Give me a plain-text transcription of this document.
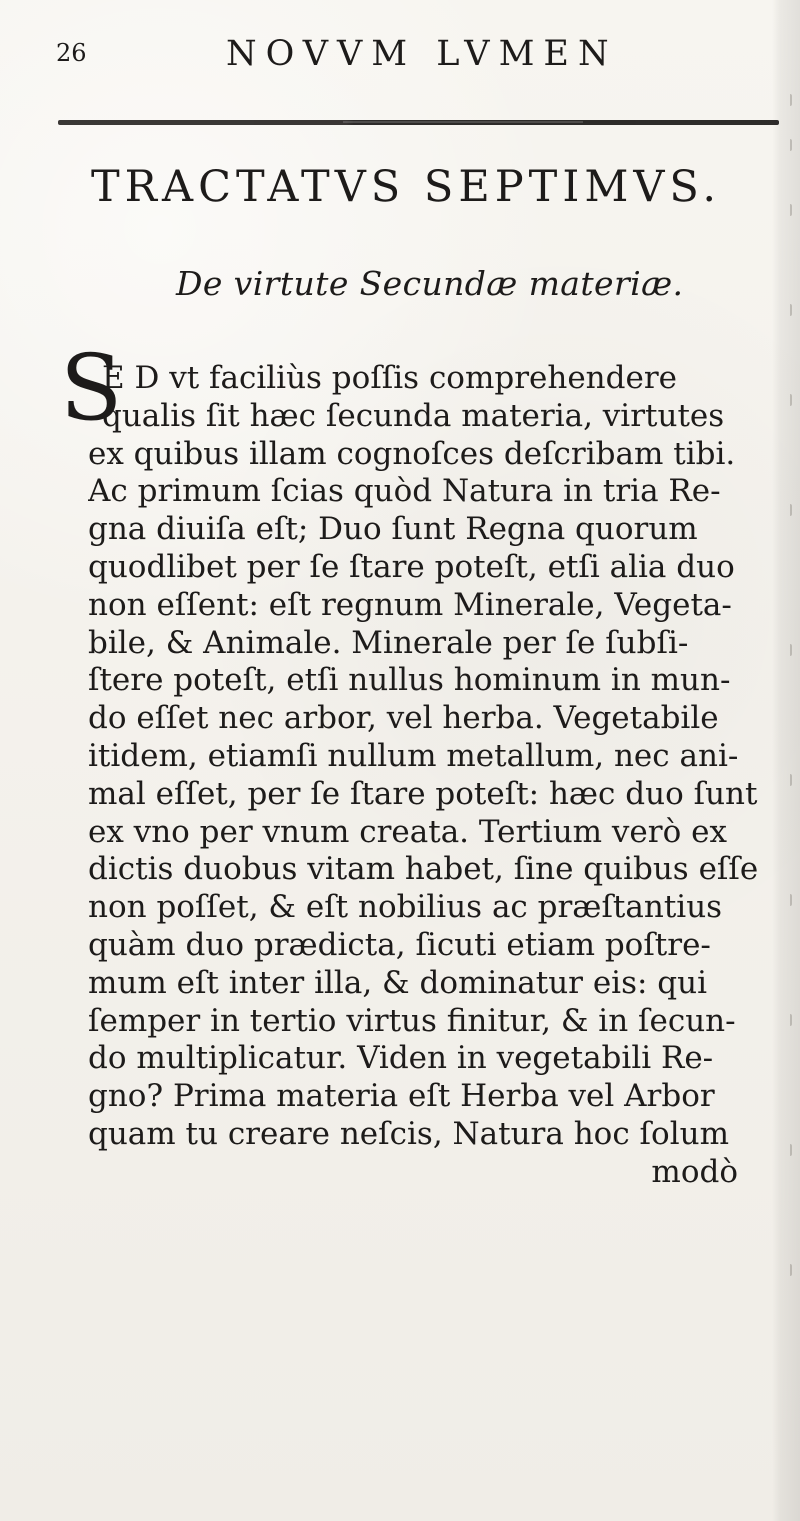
26	NOVVM LVMEN
TRACTATVS SEPTIMVS.
De virtute Secundæ materiæ.
S
E D vt faciliùs poſſis comprehendere
qualis ſit hæc ſecunda materia, virtutes
ex quibus illam cognoſces deſcribam tibi.
Ac primum ſcias quòd Natura in tria Re-
gna diuiſa eſt; Duo ſunt Regna quorum
quodlibet per ſe ſtare poteſt, etſi alia duo
non eſſent: eſt regnum Minerale, Vegeta-
bile, & Animale. Minerale per ſe ſubſi-
ſtere poteſt, etſi nullus hominum in mun-
do eſſet nec arbor, vel herba. Vegetabile
itidem, etiamſi nullum metallum, nec ani-
mal eſſet, per ſe ſtare poteſt: hæc duo ſunt
ex vno per vnum creata. Tertium verò ex
dictis duobus vitam habet, ſine quibus eſſe
non poſſet, & eſt nobilius ac præſtantius
quàm duo prædicta, ſicuti etiam poſtre-
mum eſt inter illa, & dominatur eis: qui
ſemper in tertio virtus finitur, & in ſecun-
do multiplicatur. Viden in vegetabili Re-
gno? Prima materia eſt Herba vel Arbor
quam tu creare neſcis, Natura hoc ſolum
modò
